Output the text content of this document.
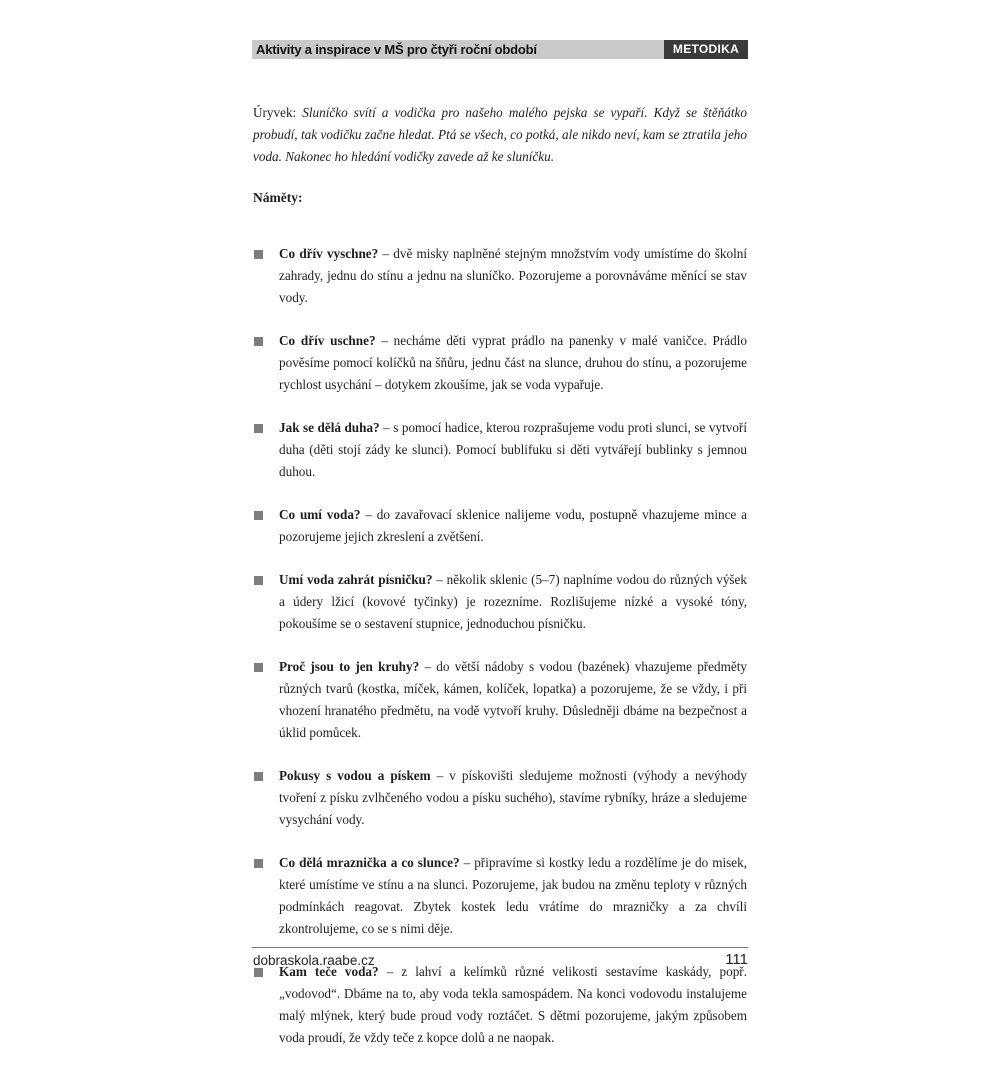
Aktivity a inspirace v MŠ pro čtyři roční období	METODIKA

Úryvek: Sluníčko svítí a vodička pro našeho malého pejska se vypaří. Když se štěňátko probudí, tak vodičku začne hledat. Ptá se všech, co potká, ale nikdo neví, kam se ztratila jeho voda. Nakonec ho hledání vodičky zavede až ke sluníčku.

Náměty:
Co dřív vyschne? – dvě misky naplněné stejným množstvím vody umístíme do školní zahrady, jednu do stínu a jednu na sluníčko. Pozorujeme a porovnáváme měnící se stav vody.
Co dřív uschne? – necháme děti vyprat prádlo na panenky v malé vaničce. Prádlo pověsíme pomocí kolíčků na šňůru, jednu část na slunce, druhou do stínu, a pozorujeme rychlost usychání – dotykem zkoušíme, jak se voda vypařuje.
Jak se dělá duha? – s pomocí hadice, kterou rozprašujeme vodu proti slunci, se vytvoří duha (děti stojí zády ke slunci). Pomocí bublifuku si děti vytvářejí bublinky s jemnou duhou.
Co umí voda? – do zavařovací sklenice nalijeme vodu, postupně vhazujeme mince a pozorujeme jejich zkreslení a zvětšení.
Umí voda zahrát písničku? – několik sklenic (5–7) naplníme vodou do různých výšek a údery lžicí (kovové tyčinky) je rozezníme. Rozlišujeme nízké a vysoké tóny, pokoušíme se o sestavení stupnice, jednoduchou písničku.
Proč jsou to jen kruhy? – do větší nádoby s vodou (bazének) vhazujeme předměty různých tvarů (kostka, míček, kámen, kolíček, lopatka) a pozorujeme, že se vždy, i při vhození hranatého předmětu, na vodě vytvoří kruhy. Důsledněji dbáme na bezpečnost a úklid pomůcek.
Pokusy s vodou a pískem – v pískovišti sledujeme možnosti (výhody a nevýhody tvoření z písku zvlhčeného vodou a písku suchého), stavíme rybníky, hráze a sledujeme vysychání vody.
Co dělá mraznička a co slunce? – připravíme si kostky ledu a rozdělíme je do misek, které umístíme ve stínu a na slunci. Pozorujeme, jak budou na změnu teploty v různých podmínkách reagovat. Zbytek kostek ledu vrátíme do mrazničky a za chvíli zkontrolujeme, co se s nimi děje.
Kam teče voda? – z lahví a kelímků různé velikosti sestavíme kaskády, popř. „vodovod“. Dbáme na to, aby voda tekla samospádem. Na konci vodovodu instalujeme malý mlýnek, který bude proud vody roztáčet. S dětmi pozorujeme, jakým způsobem voda proudí, že vždy teče z kopce dolů a ne naopak.
dobraskola.raabe.cz	111
